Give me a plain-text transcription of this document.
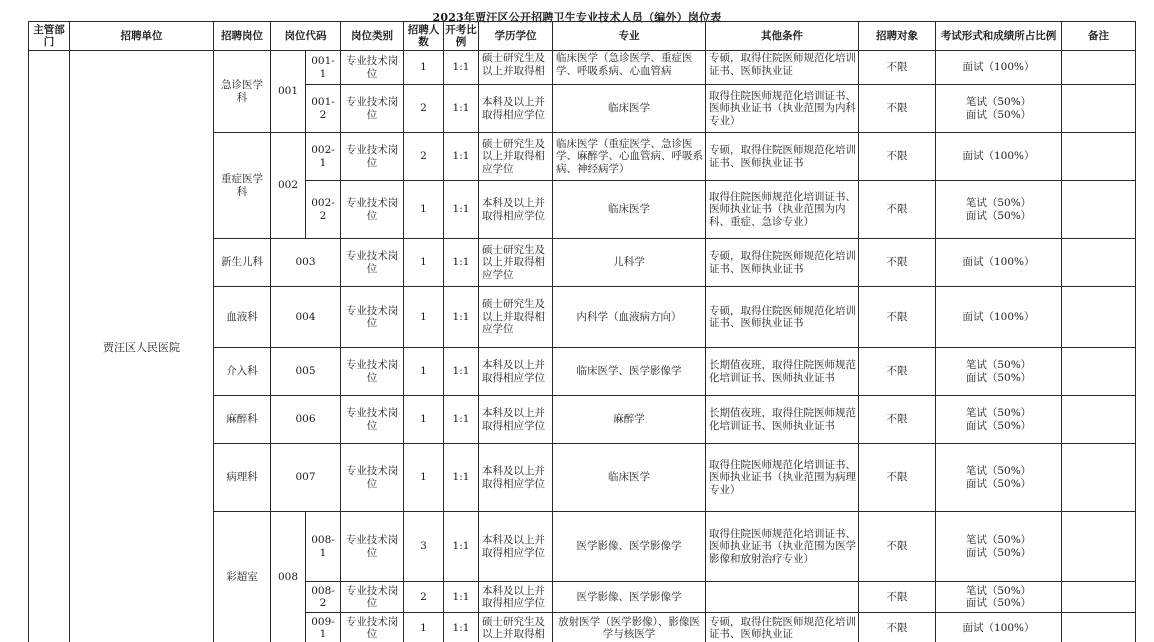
2023年贾汪区公开招聘卫生专业技术人员（编外）岗位表
主管部门	招聘单位	招聘岗位	岗位代码		岗位类别	招聘人数	开考比例	学历学位	专业	其他条件	招聘对象	考试形式和成绩所占比例	备注
	贾汪区人民医院	急诊医学科	001	001-1	专业技术岗位	1	1:1	硕士研究生及以上并取得相	临床医学（急诊医学、重症医学、呼吸系病、心血管病	专硕，取得住院医师规范化培训证书、医师执业证	不限	面试（100%）	
				001-2	专业技术岗位	2	1:1	本科及以上并取得相应学位	临床医学	取得住院医师规范化培训证书、医师执业证书（执业范围为内科专业）	不限	笔试（50%）
面试（50%）	
		重症医学科	002	002-1	专业技术岗位	2	1:1	硕士研究生及以上并取得相应学位	临床医学（重症医学、急诊医学、麻醉学、心血管病、呼吸系病、神经病学）	专硕，取得住院医师规范化培训证书、医师执业证书	不限	面试（100%）	
				002-2	专业技术岗位	1	1:1	本科及以上并取得相应学位	临床医学	取得住院医师规范化培训证书、医师执业证书（执业范围为内科、重症、急诊专业）	不限	笔试（50%）
面试（50%）	
		新生儿科	003		专业技术岗位	1	1:1	硕士研究生及以上并取得相应学位	儿科学	专硕，取得住院医师规范化培训证书、医师执业证书	不限	面试（100%）	
		血液科	004		专业技术岗位	1	1:1	硕士研究生及以上并取得相应学位	内科学（血液病方向）	专硕，取得住院医师规范化培训证书、医师执业证书	不限	面试（100%）	
		介入科	005		专业技术岗位	1	1:1	本科及以上并取得相应学位	临床医学、医学影像学	长期值夜班，取得住院医师规范化培训证书、医师执业证书	不限	笔试（50%）
面试（50%）	
		麻醉科	006		专业技术岗位	1	1:1	本科及以上并取得相应学位	麻醉学	长期值夜班，取得住院医师规范化培训证书、医师执业证书	不限	笔试（50%）
面试（50%）	
		病理科	007		专业技术岗位	1	1:1	本科及以上并取得相应学位	临床医学	取得住院医师规范化培训证书、医师执业证书（执业范围为病理专业）	不限	笔试（50%）
面试（50%）	
		彩超室	008	008-1	专业技术岗位	3	1:1	本科及以上并取得相应学位	医学影像、医学影像学	取得住院医师规范化培训证书、医师执业证书（执业范围为医学影像和放射治疗专业）	不限	笔试（50%）
面试（50%）	
				008-2	专业技术岗位	2	1:1	本科及以上并取得相应学位	医学影像、医学影像学		不限	笔试（50%）
面试（50%）	
				009-1	专业技术岗位	1	1:1	硕士研究生及以上并取得相	放射医学（医学影像）、影像医学与核医学	专硕，取得住院医师规范化培训证书、医师执业证	不限	面试（100%）	
